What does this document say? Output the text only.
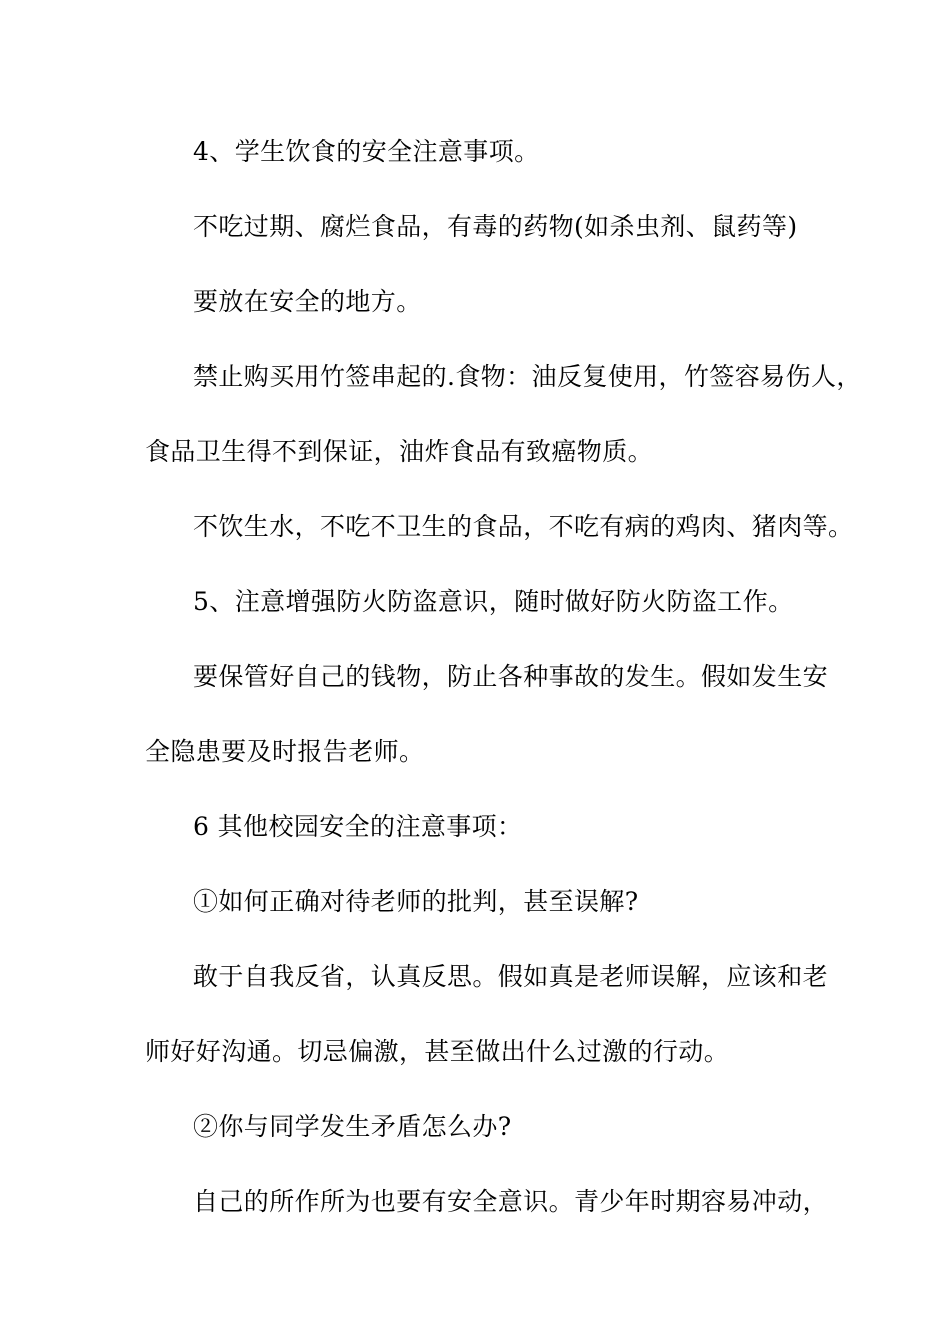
4、学生饮食的安全注意事项。
不吃过期、腐烂食品，有毒的药物(如杀虫剂、鼠药等)
要放在安全的地方。
禁止购买用竹签串起的.食物：油反复使用，竹签容易伤人，
食品卫生得不到保证，油炸食品有致癌物质。
不饮生水，不吃不卫生的食品，不吃有病的鸡肉、猪肉等。
5、注意增强防火防盗意识，随时做好防火防盗工作。
要保管好自己的钱物，防止各种事故的发生。假如发生安
全隐患要及时报告老师。
6 其他校园安全的注意事项：
①如何正确对待老师的批判，甚至误解?
敢于自我反省，认真反思。假如真是老师误解，应该和老
师好好沟通。切忌偏激，甚至做出什么过激的行动。
②你与同学发生矛盾怎么办?
自己的所作所为也要有安全意识。青少年时期容易冲动，
